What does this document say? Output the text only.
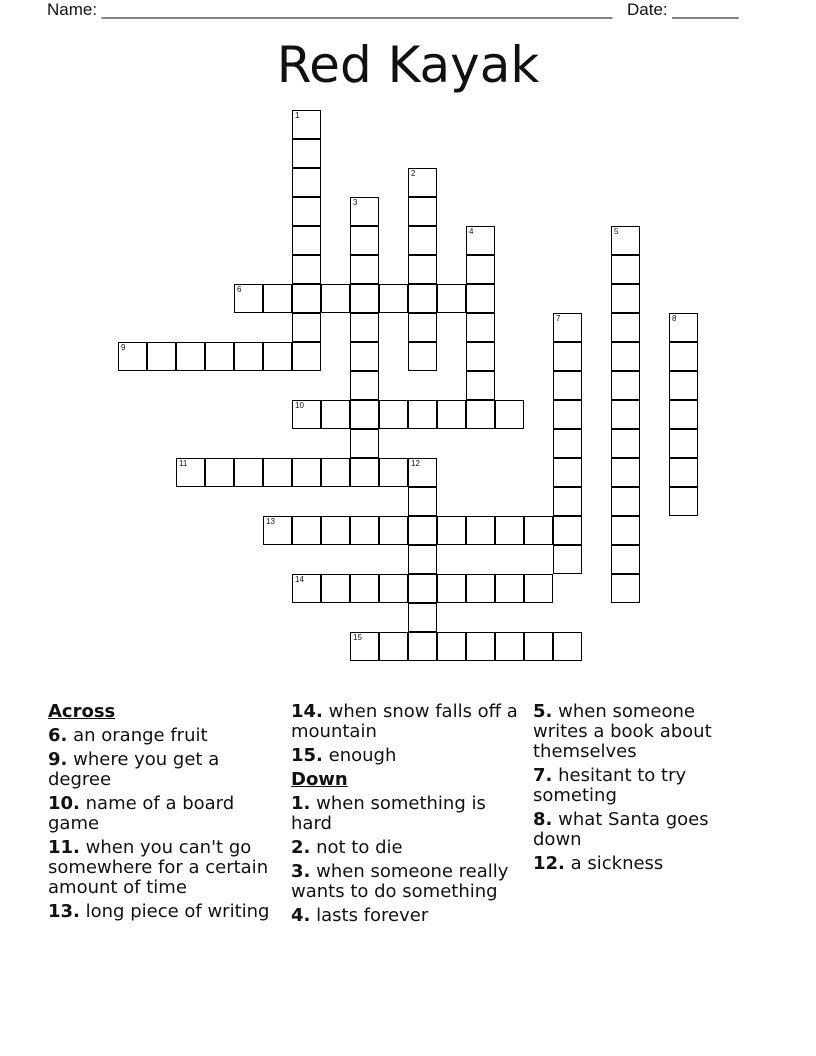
Name: ______________________________________________________ Date: _______
Red Kayak
1
2
3
4	5
6
7	8
9
10
11	12
13
14
15
Across
6. an orange fruit
9. where you get a degree
10. name of a board game
11. when you can't go somewhere for a certain amount of time
13. long piece of writing
14. when snow falls off a mountain
15. enough
Down
1. when something is hard
2. not to die
3. when someone really wants to do something
4. lasts forever
5. when someone writes a book about themselves
7. hesitant to try someting
8. what Santa goes down
12. a sickness
